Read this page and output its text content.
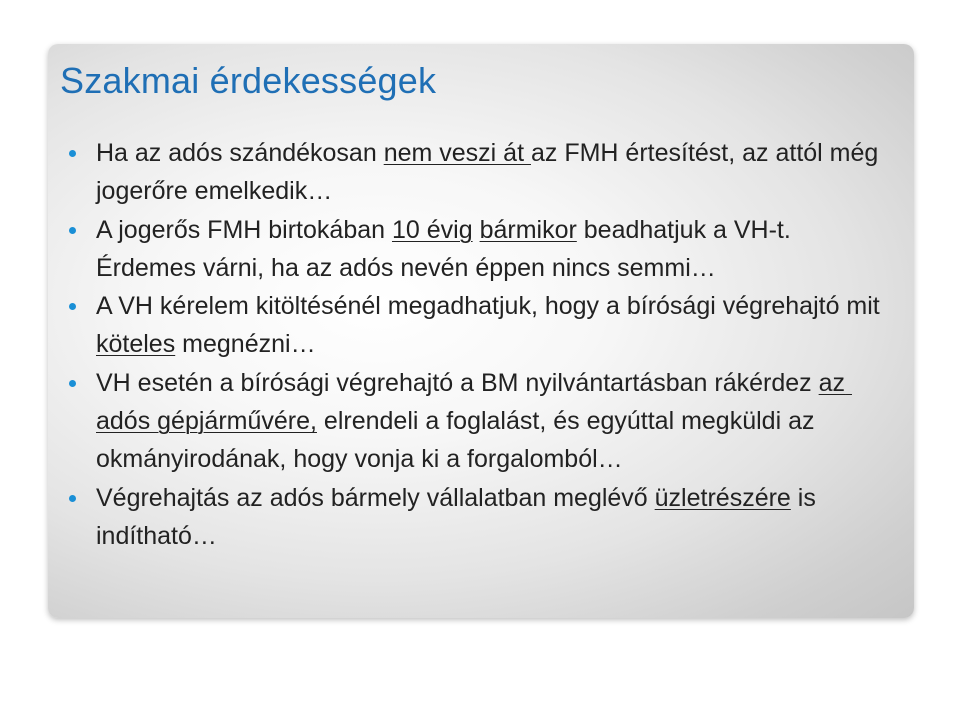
Szakmai érdekességek
Ha az adós szándékosan nem veszi át az FMH értesítést, az attól még jogerőre emelkedik…
A jogerős FMH birtokában 10 évig bármikor beadhatjuk a VH-t. Érdemes várni, ha az adós nevén éppen nincs semmi…
A VH kérelem kitöltésénél megadhatjuk, hogy a bírósági végrehajtó mit köteles megnézni…
VH esetén a bírósági végrehajtó a BM nyilvántartásban rákérdez az adós gépjárművére, elrendeli a foglalást, és egyúttal megküldi az okmányirodának, hogy vonja ki a forgalomból…
Végrehajtás az adós bármely vállalatban meglévő üzletrészére is indítható…
